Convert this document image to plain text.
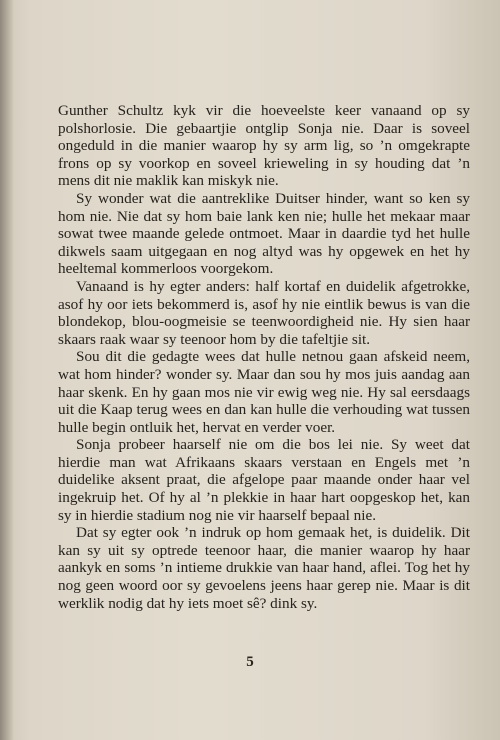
Gunther Schultz kyk vir die hoeveelste keer vanaand op sy polshorlosie. Die gebaartjie ontglip Sonja nie. Daar is soveel ongeduld in die manier waarop hy sy arm lig, so ’n omgekrapte frons op sy voorkop en soveel krieweling in sy houding dat ’n mens dit nie maklik kan miskyk nie.

Sy wonder wat die aantreklike Duitser hinder, want so ken sy hom nie. Nie dat sy hom baie lank ken nie; hulle het mekaar maar sowat twee maande gelede ontmoet. Maar in daardie tyd het hulle dikwels saam uitgegaan en nog altyd was hy opgewek en het hy heeltemal kommerloos voorgekom.

Vanaand is hy egter anders: half kortaf en duidelik afgetrokke, asof hy oor iets bekommerd is, asof hy nie eintlik bewus is van die blondekop, blou-oogmeisie se teenwoordigheid nie. Hy sien haar skaars raak waar sy teenoor hom by die tafeltjie sit.

Sou dit die gedagte wees dat hulle netnou gaan afskeid neem, wat hom hinder? wonder sy. Maar dan sou hy mos juis aandag aan haar skenk. En hy gaan mos nie vir ewig weg nie. Hy sal eersdaags uit die Kaap terug wees en dan kan hulle die verhouding wat tussen hulle begin ontluik het, hervat en verder voer.

Sonja probeer haarself nie om die bos lei nie. Sy weet dat hierdie man wat Afrikaans skaars verstaan en Engels met ’n duidelike aksent praat, die afgelope paar maande onder haar vel ingekruip het. Of hy al ’n plekkie in haar hart oopgeskop het, kan sy in hierdie stadium nog nie vir haarself bepaal nie.

Dat sy egter ook ’n indruk op hom gemaak het, is duidelik. Dit kan sy uit sy optrede teenoor haar, die manier waarop hy haar aankyk en soms ’n intieme drukkie van haar hand, aflei. Tog het hy nog geen woord oor sy gevoelens jeens haar gerep nie. Maar is dit werklik nodig dat hy iets moet sê? dink sy.

5
